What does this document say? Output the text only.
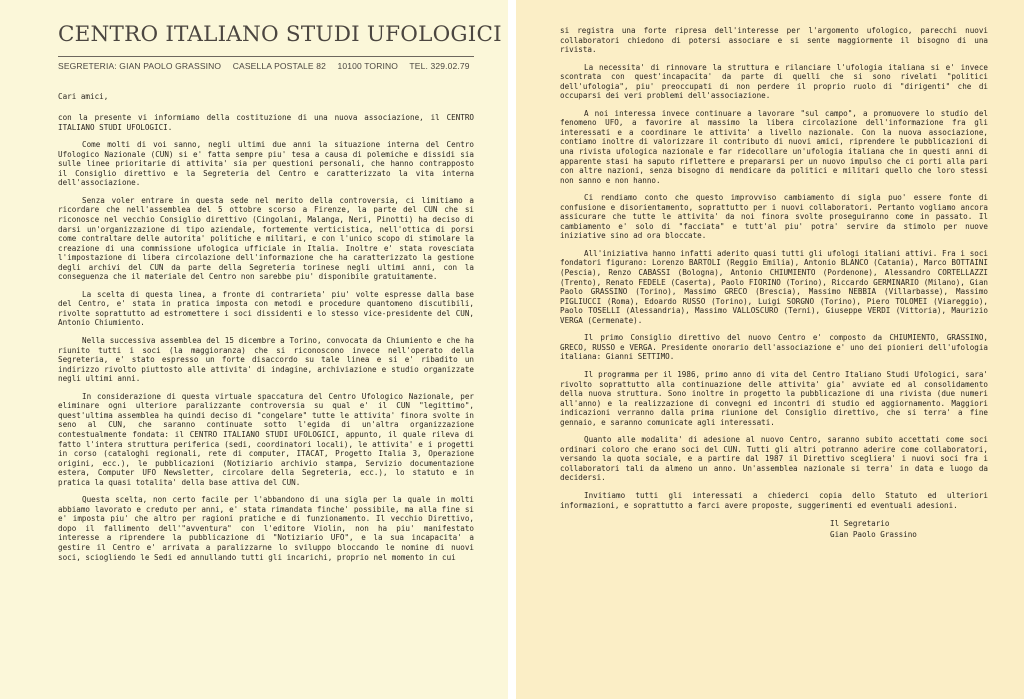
CENTRO ITALIANO STUDI UFOLOGICI
SEGRETERIA: GIAN PAOLO GRASSINO CASELLA POSTALE 82 10100 TORINO TEL. 329.02.79
Cari amici,

con la presente vi informiamo della costituzione di una nuova associazione, il CENTRO ITALIANO STUDI UFOLOGICI.

Come molti di voi sanno, negli ultimi due anni la situazione interna del Centro Ufologico Nazionale (CUN) si e' fatta sempre piu' tesa a causa di polemiche e dissidi sia sulle linee prioritarie di attivita' sia per questioni personali, che hanno contrapposto il Consiglio direttivo e la Segreteria del Centro e caratterizzato la vita interna dell'associazione.

Senza voler entrare in questa sede nel merito della controversia, ci limitiamo a ricordare che nell'assemblea del 5 ottobre scorso a Firenze, la parte del CUN che si riconosce nel vecchio Consiglio direttivo (Cingolani, Malanga, Neri, Pinotti) ha deciso di darsi un'organizzazione di tipo aziendale, fortemente verticistica, nell'ottica di porsi come contraltare delle autorita' politiche e militari, e con l'unico scopo di stimolare la creazione di una commissione ufologica ufficiale in Italia. Inoltre e' stata rovesciata l'impostazione di libera circolazione dell'informazione che ha caratterizzato la gestione degli archivi del CUN da parte della Segreteria torinese negli ultimi anni, con la conseguenza che il materiale del Centro non sarebbe piu' disponibile gratuitamente.

La scelta di questa linea, a fronte di contrarieta' piu' volte espresse dalla base del Centro, e' stata in pratica imposta con metodi e procedure quantomeno discutibili, rivolte soprattutto ad estromettere i soci dissidenti e lo stesso vice-presidente del CUN, Antonio Chiumiento.

Nella successiva assemblea del 15 dicembre a Torino, convocata da Chiumiento e che ha riunito tutti i soci (la maggioranza) che si riconoscono invece nell'operato della Segreteria, e' stato espresso un forte disaccordo su tale linea e si e' ribadito un indirizzo rivolto piuttosto alle attivita' di indagine, archiviazione e studio organizzate negli ultimi anni.

In considerazione di questa virtuale spaccatura del Centro Ufologico Nazionale, per eliminare ogni ulteriore paralizzante controversia su qual e' il CUN "legittimo", quest'ultima assemblea ha quindi deciso di "congelare" tutte le attivita' finora svolte in seno al CUN, che saranno continuate sotto l'egida di un'altra organizzazione contestualmente fondata: il CENTRO ITALIANO STUDI UFOLOGICI, appunto, il quale rileva di fatto l'intera struttura periferica (sedi, coordinatori locali), le attivita' e i progetti in corso (cataloghi regionali, rete di computer, ITACAT, Progetto Italia 3, Operazione origini, ecc.), le pubblicazioni (Notiziario archivio stampa, Servizio documentazione estera, Computer UFO Newsletter, circolare della Segreteria, ecc.), lo statuto e in pratica la quasi totalita' della base attiva del CUN.

Questa scelta, non certo facile per l'abbandono di una sigla per la quale in molti abbiamo lavorato e creduto per anni, e' stata rimandata finche' possibile, ma alla fine si e' imposta piu' che altro per ragioni pratiche e di funzionamento. Il vecchio Direttivo, dopo il fallimento dell'"avventura" con l'editore Violin, non ha piu' manifestato interesse a riprendere la pubblicazione di "Notiziario UFO", e la sua incapacita' a gestire il Centro e' arrivata a paralizzarne lo sviluppo bloccando le nomine di nuovi soci, sciogliendo le Sedi ed annullando tutti gli incarichi, proprio nel momento in cui

si registra una forte ripresa dell'interesse per l'argomento ufologico, parecchi nuovi collaboratori chiedono di potersi associare e si sente maggiormente il bisogno di una rivista.

La necessita' di rinnovare la struttura e rilanciare l'ufologia italiana si e' invece scontrata con quest'incapacita' da parte di quelli che si sono rivelati "politici dell'ufologia", piu' preoccupati di non perdere il proprio ruolo di "dirigenti" che di occuparsi dei veri problemi dell'associazione.

A noi interessa invece continuare a lavorare "sul campo", a promuovere lo studio del fenomeno UFO, a favorire al massimo la libera circolazione dell'informazione fra gli interessati e a coordinare le attivita' a livello nazionale. Con la nuova associazione, contiamo inoltre di valorizzare il contributo di nuovi amici, riprendere le pubblicazioni di una rivista ufologica nazionale e far ridecollare un'ufologia italiana che in questi anni di apparente stasi ha saputo riflettere e prepararsi per un nuovo impulso che ci porti alla pari con altre nazioni, senza bisogno di mendicare da politici e militari quello che loro stessi non sanno e non hanno.

Ci rendiamo conto che questo improvviso cambiamento di sigla puo' essere fonte di confusione e disorientamento, soprattutto per i nuovi collaboratori. Pertanto vogliamo ancora assicurare che tutte le attivita' da noi finora svolte proseguiranno come in passato. Il cambiamento e' solo di "facciata" e tutt'al piu' potra' servire da stimolo per nuove iniziative sino ad ora bloccate.

All'iniziativa hanno infatti aderito quasi tutti gli ufologi italiani attivi. Fra i soci fondatori figurano: Lorenzo BARTOLI (Reggio Emilia), Antonio BLANCO (Catania), Marco BOTTAINI (Pescia), Renzo CABASSI (Bologna), Antonio CHIUMIENTO (Pordenone), Alessandro CORTELLAZZI (Trento), Renato FEDELE (Caserta), Paolo FIORINO (Torino), Riccardo GERMINARIO (Milano), Gian Paolo GRASSINO (Torino), Massimo GRECO (Brescia), Massimo NEBBIA (Villarbasse), Massimo PIGLIUCCI (Roma), Edoardo RUSSO (Torino), Luigi SORGNO (Torino), Piero TOLOMEI (Viareggio), Paolo TOSELLI (Alessandria), Massimo VALLOSCURO (Terni), Giuseppe VERDI (Vittoria), Maurizio VERGA (Cermenate).

Il primo Consiglio direttivo del nuovo Centro e' composto da CHIUMIENTO, GRASSINO, GRECO, RUSSO e VERGA. Presidente onorario dell'associazione e' uno dei pionieri dell'ufologia italiana: Gianni SETTIMO.

Il programma per il 1986, primo anno di vita del Centro Italiano Studi Ufologici, sara' rivolto soprattutto alla continuazione delle attivita' gia' avviate ed al consolidamento della nuova struttura. Sono inoltre in progetto la pubblicazione di una rivista (due numeri all'anno) e la realizzazione di convegni ed incontri di studio ed aggiornamento. Maggiori indicazioni verranno dalla prima riunione del Consiglio direttivo, che si terra' a fine gennaio, e saranno comunicate agli interessati.

Quanto alle modalita' di adesione al nuovo Centro, saranno subito accettati come soci ordinari coloro che erano soci del CUN. Tutti gli altri potranno aderire come collaboratori, versando la quota sociale, e a partire dal 1987 il Direttivo scegliera' i nuovi soci fra i collaboratori tali da almeno un anno. Un'assemblea nazionale si terra' in data e luogo da decidersi.

Invitiamo tutti gli interessati a chiederci copia dello Statuto ed ulteriori informazioni, e soprattutto a farci avere proposte, suggerimenti ed eventuali adesioni.

Il Segretario
Gian Paolo Grassino
